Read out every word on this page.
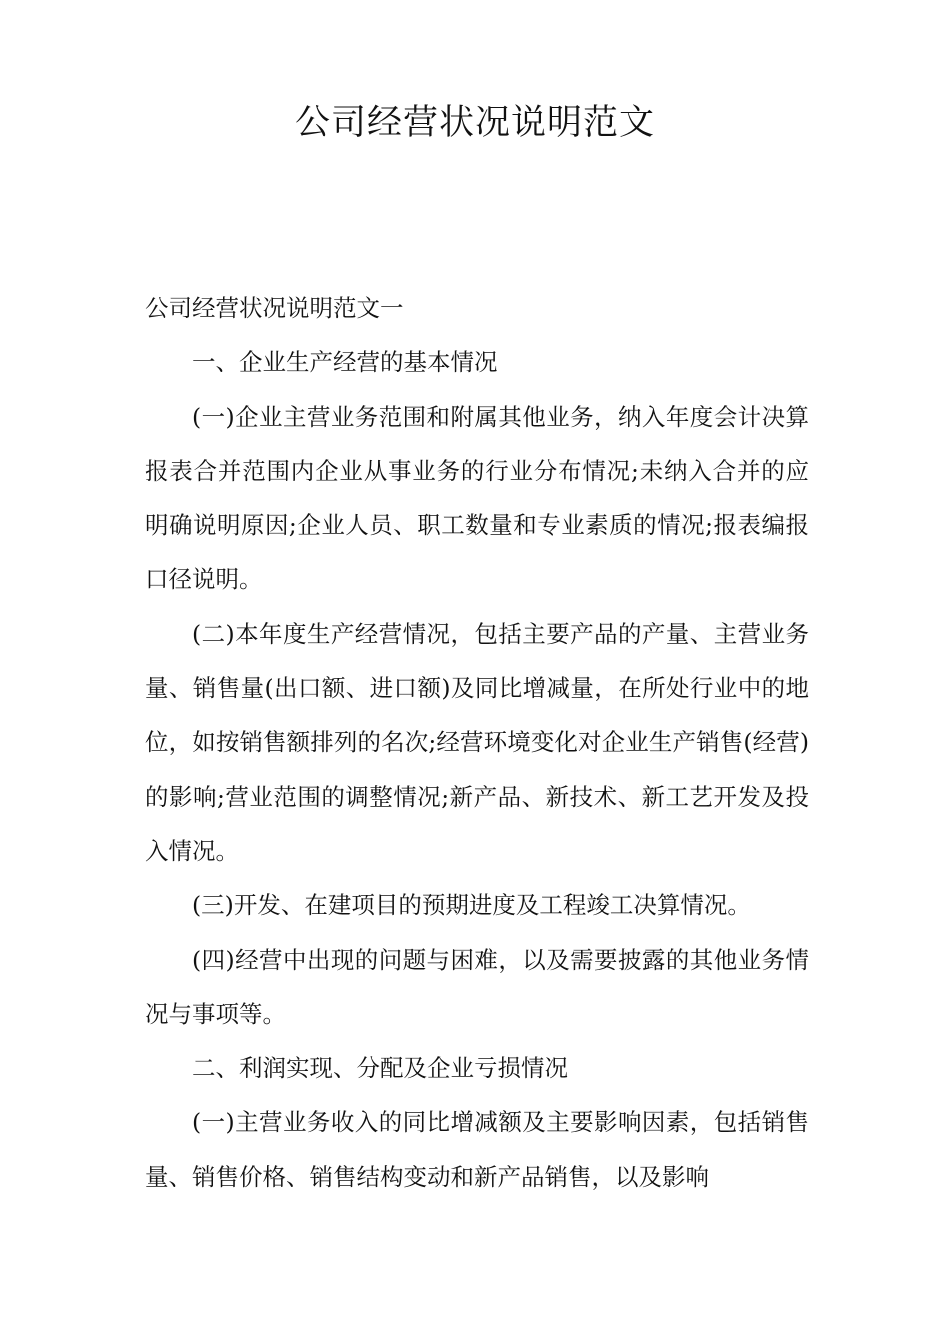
公司经营状况说明范文

公司经营状况说明范文一

一、企业生产经营的基本情况

(一)企业主营业务范围和附属其他业务，纳入年度会计决算报表合并范围内企业从事业务的行业分布情况;未纳入合并的应明确说明原因;企业人员、职工数量和专业素质的情况;报表编报口径说明。

(二)本年度生产经营情况，包括主要产品的产量、主营业务量、销售量(出口额、进口额)及同比增减量，在所处行业中的地位，如按销售额排列的名次;经营环境变化对企业生产销售(经营)的影响;营业范围的调整情况;新产品、新技术、新工艺开发及投入情况。

(三)开发、在建项目的预期进度及工程竣工决算情况。

(四)经营中出现的问题与困难，以及需要披露的其他业务情况与事项等。

二、利润实现、分配及企业亏损情况

(一)主营业务收入的同比增减额及主要影响因素，包括销售量、销售价格、销售结构变动和新产品销售，以及影响
